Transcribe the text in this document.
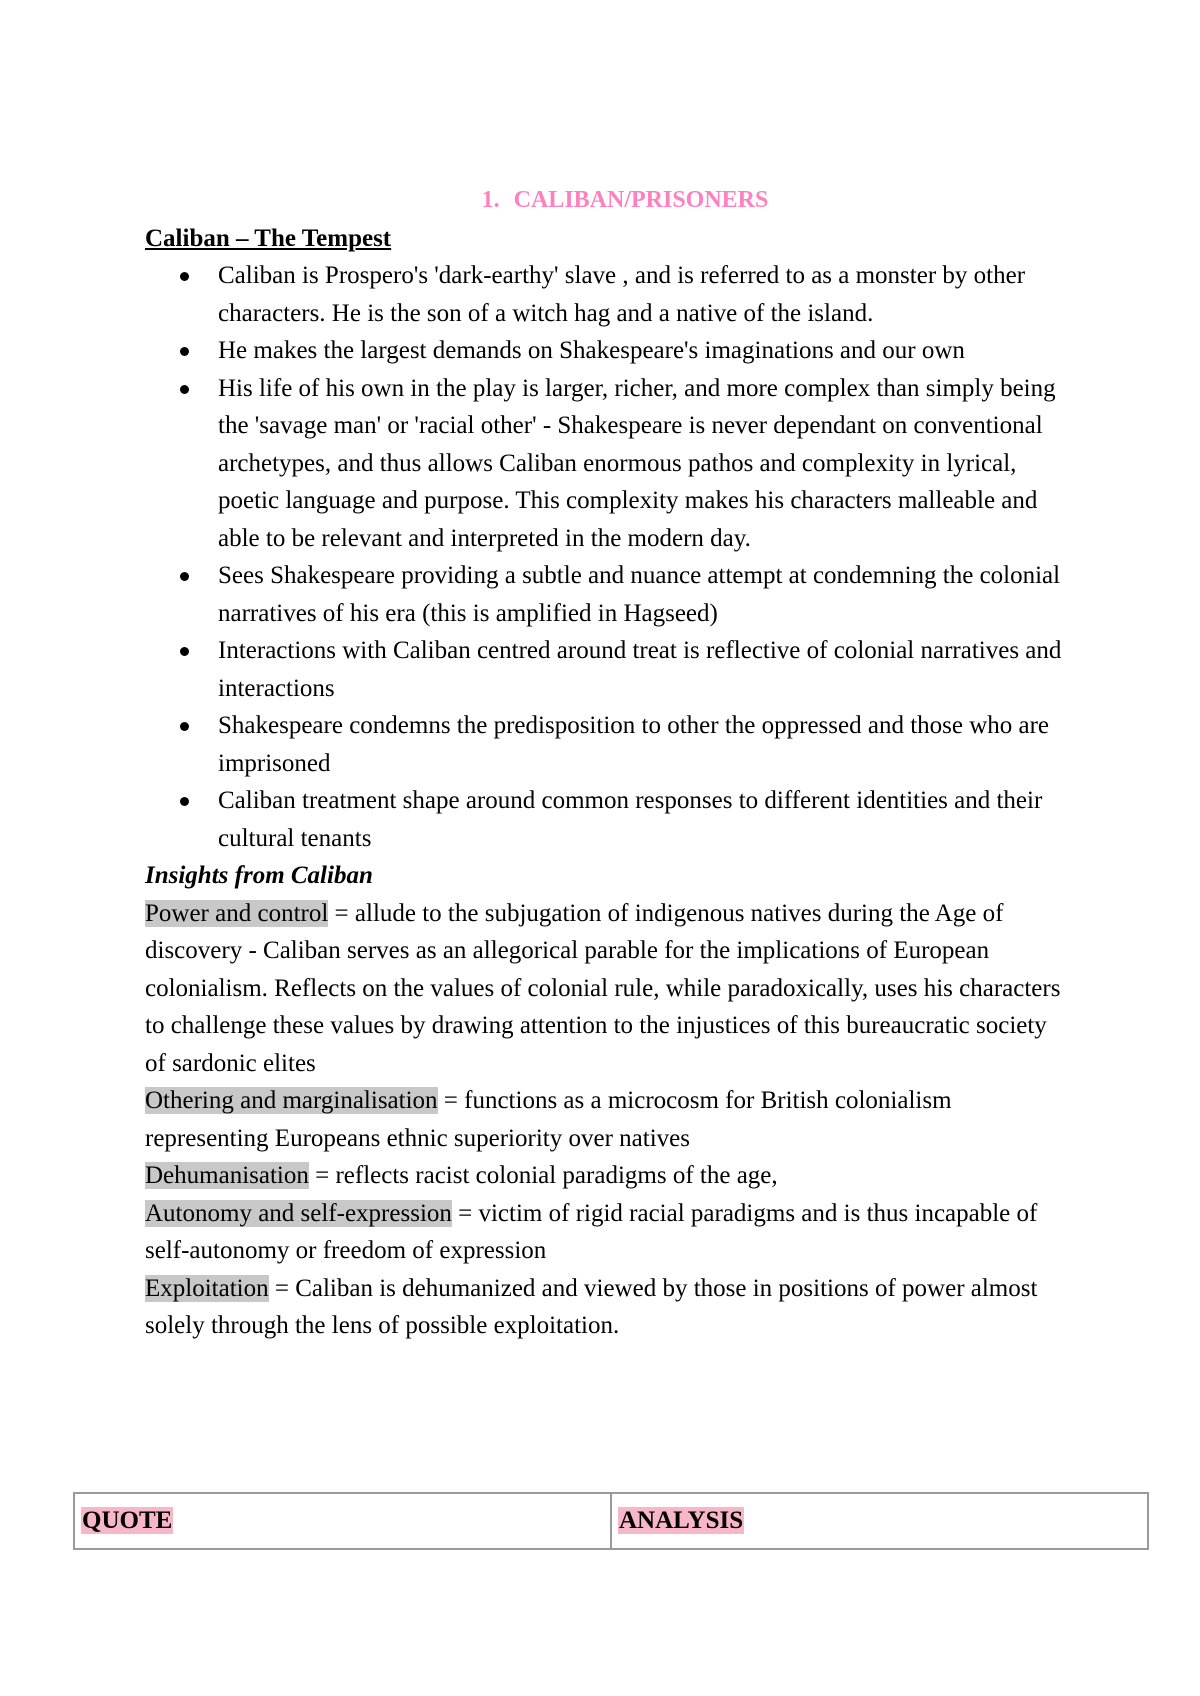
1. CALIBAN/PRISONERS

Caliban – The Tempest

Caliban is Prospero's 'dark-earthy' slave , and is referred to as a monster by other characters. He is the son of a witch hag and a native of the island.
He makes the largest demands on Shakespeare's imaginations and our own
His life of his own in the play is larger, richer, and more complex than simply being the 'savage man' or 'racial other' - Shakespeare is never dependant on conventional archetypes, and thus allows Caliban enormous pathos and complexity in lyrical, poetic language and purpose. This complexity makes his characters malleable and able to be relevant and interpreted in the modern day.
Sees Shakespeare providing a subtle and nuance attempt at condemning the colonial narratives of his era (this is amplified in Hagseed)
Interactions with Caliban centred around treat is reflective of colonial narratives and interactions
Shakespeare condemns the predisposition to other the oppressed and those who are imprisoned
Caliban treatment shape around common responses to different identities and their cultural tenants

Insights from Caliban

Power and control = allude to the subjugation of indigenous natives during the Age of discovery - Caliban serves as an allegorical parable for the implications of European colonialism. Reflects on the values of colonial rule, while paradoxically, uses his characters to challenge these values by drawing attention to the injustices of this bureaucratic society of sardonic elites

Othering and marginalisation = functions as a microcosm for British colonialism representing Europeans ethnic superiority over natives

Dehumanisation = reflects racist colonial paradigms of the age,

Autonomy and self-expression = victim of rigid racial paradigms and is thus incapable of self-autonomy or freedom of expression

Exploitation = Caliban is dehumanized and viewed by those in positions of power almost solely through the lens of possible exploitation.

QUOTE	ANALYSIS
